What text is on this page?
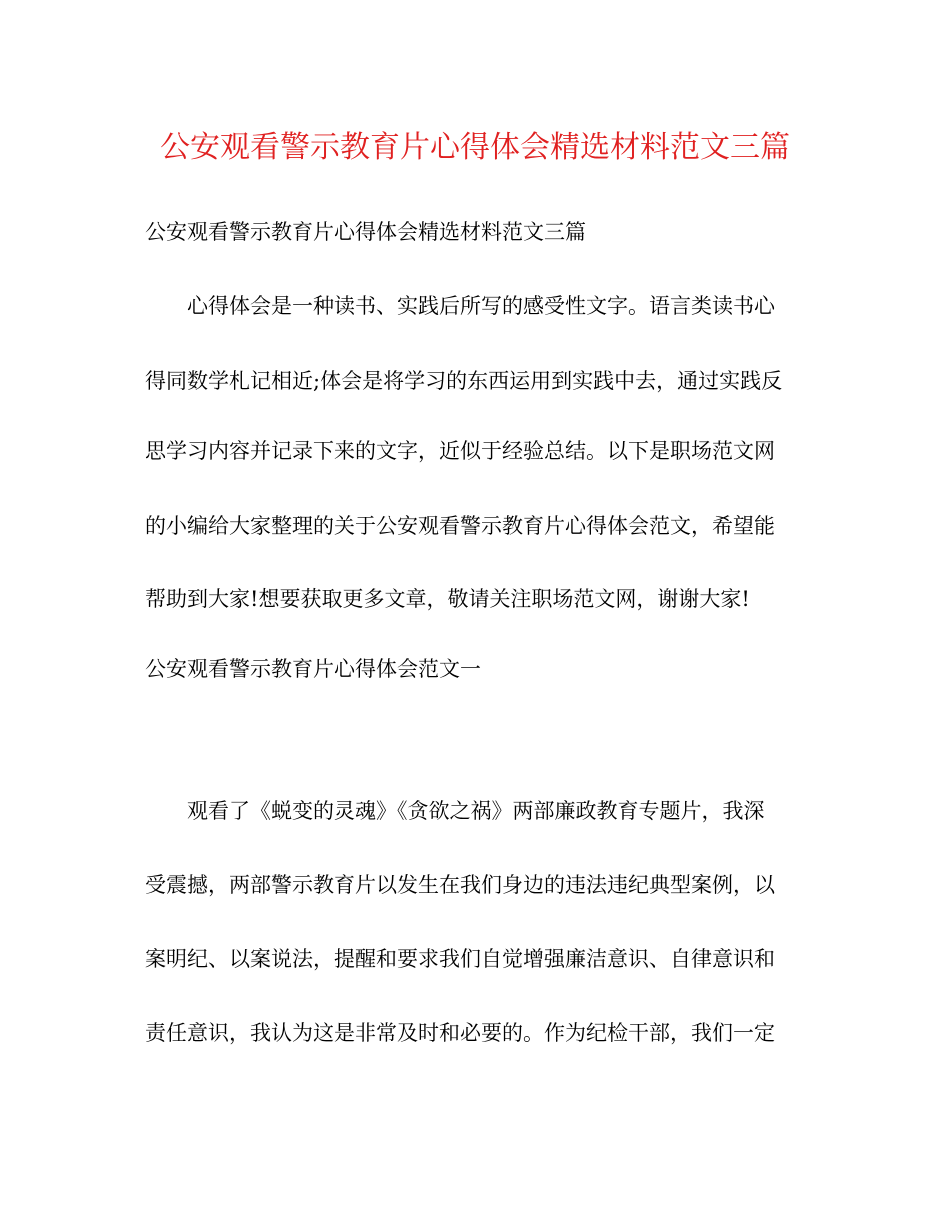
公安观看警示教育片心得体会精选材料范文三篇
公安观看警示教育片心得体会精选材料范文三篇
心得体会是一种读书、实践后所写的感受性文字。语言类读书心
得同数学札记相近;体会是将学习的东西运用到实践中去，通过实践反
思学习内容并记录下来的文字，近似于经验总结。以下是职场范文网
的小编给大家整理的关于公安观看警示教育片心得体会范文，希望能
帮助到大家!想要获取更多文章，敬请关注职场范文网，谢谢大家!
公安观看警示教育片心得体会范文一
观看了《蜕变的灵魂》《贪欲之祸》两部廉政教育专题片，我深
受震撼，两部警示教育片以发生在我们身边的违法违纪典型案例，以
案明纪、以案说法，提醒和要求我们自觉增强廉洁意识、自律意识和
责任意识，我认为这是非常及时和必要的。作为纪检干部，我们一定
